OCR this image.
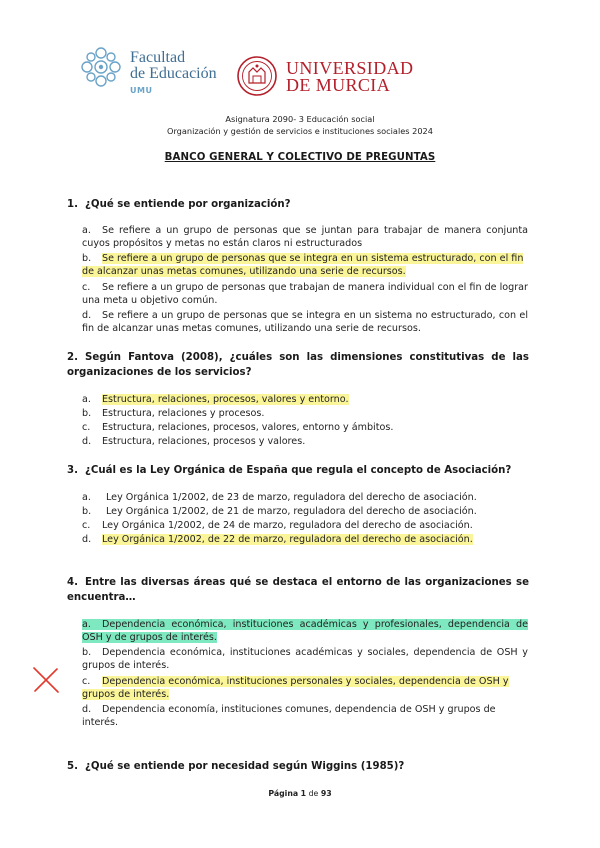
Facultad
de Educación
UMU
UNIVERSIDAD
DE MURCIA
Asignatura 2090- 3 Educación social
Organización y gestión de servicios e instituciones sociales 2024
BANCO GENERAL Y COLECTIVO DE PREGUNTAS
1. ¿Qué se entiende por organización?
a. Se refiere a un grupo de personas que se juntan para trabajar de manera conjunta cuyos propósitos y metas no están claros ni estructurados
b. Se refiere a un grupo de personas que se integra en un sistema estructurado, con el fin de alcanzar unas metas comunes, utilizando una serie de recursos.
c. Se refiere a un grupo de personas que trabajan de manera individual con el fin de lograr una meta u objetivo común.
d. Se refiere a un grupo de personas que se integra en un sistema no estructurado, con el fin de alcanzar unas metas comunes, utilizando una serie de recursos.
2. Según Fantova (2008), ¿cuáles son las dimensiones constitutivas de las organizaciones de los servicios?
a. Estructura, relaciones, procesos, valores y entorno.
b. Estructura, relaciones y procesos.
c. Estructura, relaciones, procesos, valores, entorno y ámbitos.
d. Estructura, relaciones, procesos y valores.
3. ¿Cuál es la Ley Orgánica de España que regula el concepto de Asociación?
a. Ley Orgánica 1/2002, de 23 de marzo, reguladora del derecho de asociación.
b. Ley Orgánica 1/2002, de 21 de marzo, reguladora del derecho de asociación.
c. Ley Orgánica 1/2002, de 24 de marzo, reguladora del derecho de asociación.
d. Ley Orgánica 1/2002, de 22 de marzo, reguladora del derecho de asociación.
4. Entre las diversas áreas qué se destaca el entorno de las organizaciones se encuentra…
a. Dependencia económica, instituciones académicas y profesionales, dependencia de OSH y de grupos de interés.
b. Dependencia económica, instituciones académicas y sociales, dependencia de OSH y grupos de interés.
c. Dependencia económica, instituciones personales y sociales, dependencia de OSH y grupos de interés.
d. Dependencia economía, instituciones comunes, dependencia de OSH y grupos de interés.
5. ¿Qué se entiende por necesidad según Wiggins (1985)?
Página 1 de 93
